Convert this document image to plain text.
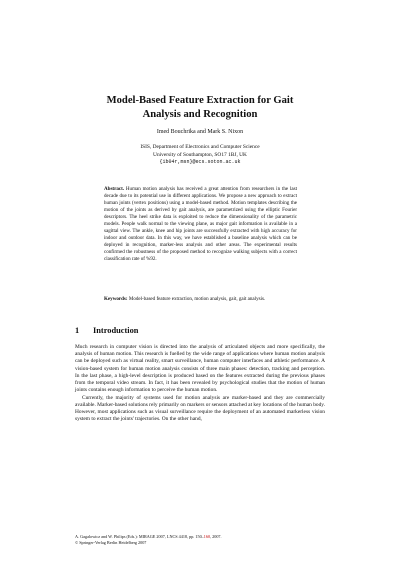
Model-Based Feature Extraction for Gait
Analysis and Recognition
Imed Bouchrika and Mark S. Nixon
ISIS, Department of Electronics and Computer Science
University of Southampton, SO17 1BJ, UK
{ib04r,msn}@ecs.soton.ac.uk
Abstract. Human motion analysis has received a great attention from researchers in the last decade due to its potential use in different applications. We propose a new approach to extract human joints (vertex positions) using a model-based method. Motion templates describing the motion of the joints as derived by gait analysis, are parametrized using the elliptic Fourier descriptors. The heel strike data is exploited to reduce the dimensionality of the parametric models. People walk normal to the viewing plane, as major gait information is available in a sagittal view. The ankle, knee and hip joints are successfully extracted with high accuracy for indoor and outdoor data. In this way, we have established a baseline analysis which can be deployed in recognition, marker-less analysis and other areas. The experimental results confirmed the robustness of the proposed method to recognize walking subjects with a correct classification rate of %92.
Keywords: Model-based feature extraction, motion analysis, gait, gait analysis.
1 Introduction

Much research in computer vision is directed into the analysis of articulated objects and more specifically, the analysis of human motion. This research is fuelled by the wide range of applications where human motion analysis can be deployed such as virtual reality, smart surveillance, human computer interfaces and athletic performance. A vision-based system for human motion analysis consists of three main phases: detection, tracking and perception. In the last phase, a high-level description is produced based on the features extracted during the previous phases from the temporal video stream. In fact, it has been revealed by psychological studies that the motion of human joints contains enough information to perceive the human motion.

Currently, the majority of systems used for motion analysis are marker-based and they are commercially available. Marker-based solutions rely primarily on markers or sensors attached at key locations of the human body. However, most applications such as visual surveillance require the deployment of an automated markerless vision system to extract the joints' trajectories. On the other hand,

A. Gagalowicz and W. Philips (Eds.): MIRAGE 2007, LNCS 4418, pp. 150–160, 2007.
© Springer-Verlag Berlin Heidelberg 2007
